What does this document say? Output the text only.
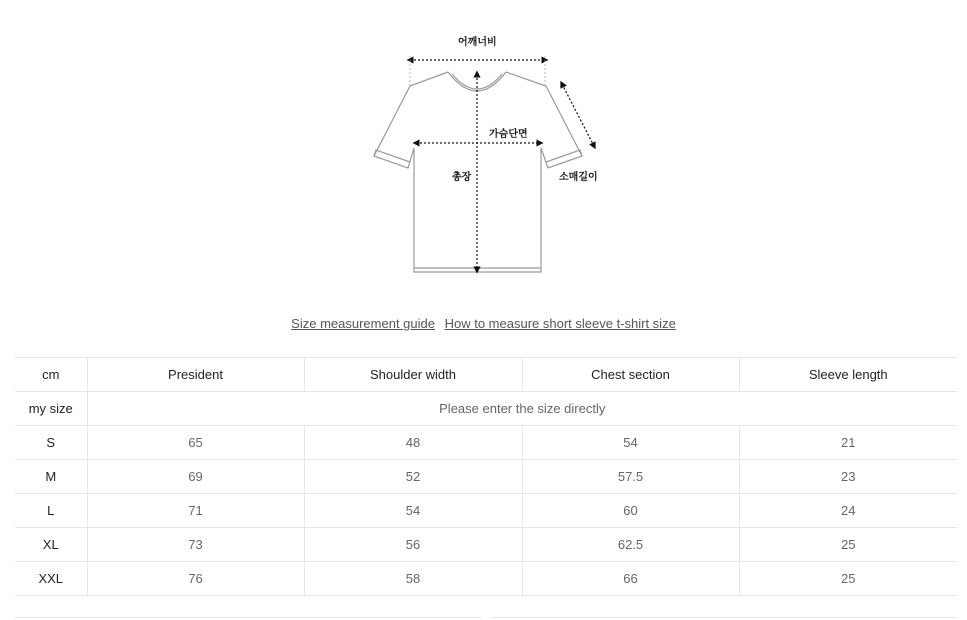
어깨너비
가슴단면
총장	소매길이
Size measurement guide How to measure short sleeve t-shirt size
cm	President	Shoulder width	Chest section	Sleeve length
my size	Please enter the size directly			
S	65	48	54	21
M	69	52	57.5	23
L	71	54	60	24
XL	73	56	62.5	25
XXL	76	58	66	25
